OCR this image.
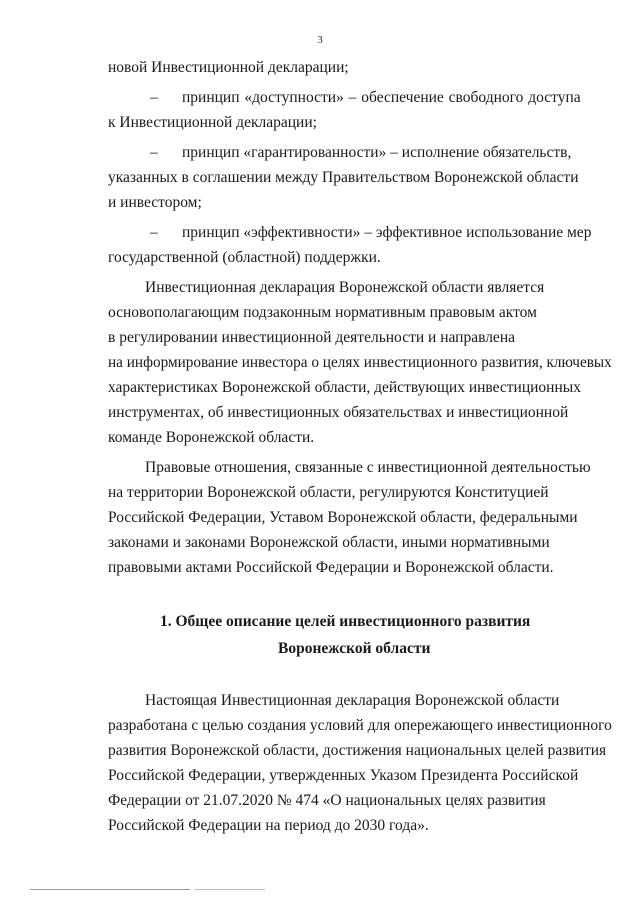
3
новой Инвестиционной декларации;
– принцип «доступности» – обеспечение свободного доступа
к Инвестиционной декларации;
– принцип «гарантированности» – исполнение обязательств,
указанных в соглашении между Правительством Воронежской области
и инвестором;
– принцип «эффективности» – эффективное использование мер
государственной (областной) поддержки.
Инвестиционная декларация Воронежской области является
основополагающим подзаконным нормативным правовым актом
в регулировании инвестиционной деятельности и направлена
на информирование инвестора о целях инвестиционного развития, ключевых
характеристиках Воронежской области, действующих инвестиционных
инструментах, об инвестиционных обязательствах и инвестиционной
команде Воронежской области.
Правовые отношения, связанные с инвестиционной деятельностью
на территории Воронежской области, регулируются Конституцией
Российской Федерации, Уставом Воронежской области, федеральными
законами и законами Воронежской области, иными нормативными
правовыми актами Российской Федерации и Воронежской области.
1. Общее описание целей инвестиционного развития
Воронежской области
Настоящая Инвестиционная декларация Воронежской области
разработана с целью создания условий для опережающего инвестиционного
развития Воронежской области, достижения национальных целей развития
Российской Федерации, утвержденных Указом Президента Российской
Федерации от 21.07.2020 № 474 «О национальных целях развития
Российской Федерации на период до 2030 года».
